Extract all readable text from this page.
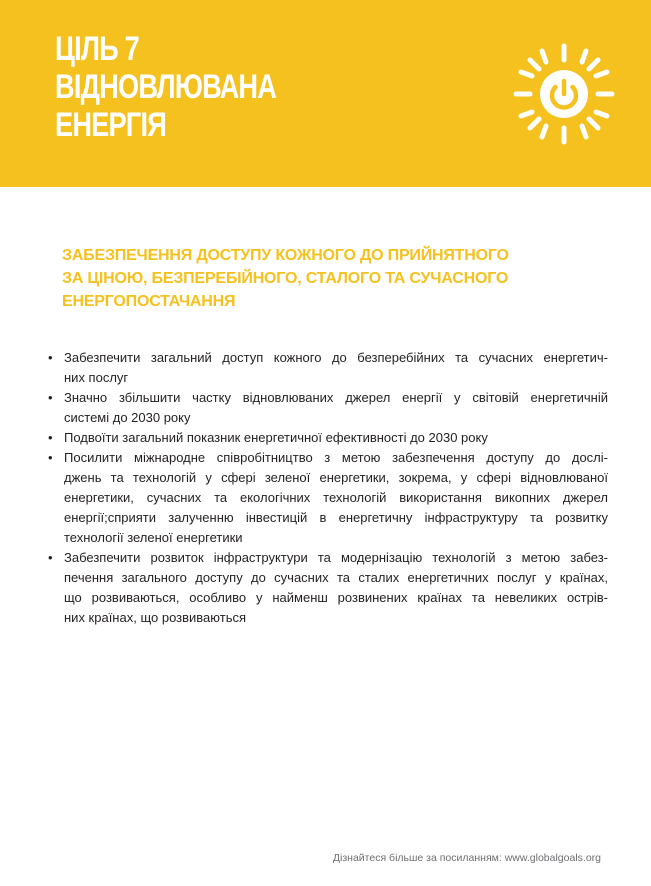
ЦІЛЬ 7
ВІДНОВЛЮВАНА
ЕНЕРГІЯ
ЗАБЕЗПЕЧЕННЯ ДОСТУПУ КОЖНОГО ДО ПРИЙНЯТНОГО
ЗА ЦІНОЮ, БЕЗПЕРЕБІЙНОГО, СТАЛОГО ТА СУЧАСНОГО
ЕНЕРГОПОСТАЧАННЯ
• Забезпечити загальний доступ кожного до безперебійних та сучасних енергетич-
них послуг
• Значно збільшити частку відновлюваних джерел енергії у світовій енергетичній
системі до 2030 року
• Подвоїти загальний показник енергетичної ефективності до 2030 року
• Посилити міжнародне співробітництво з метою забезпечення доступу до дослі-
джень та технологій у сфері зеленої енергетики, зокрема, у сфері відновлюваної
енергетики, сучасних та екологічних технологій використання викопних джерел
енергії;сприяти залученню інвестицій в енергетичну інфраструктуру та розвитку
технології зеленої енергетики
• Забезпечити розвиток інфраструктури та модернізацію технологій з метою забез-
печення загального доступу до сучасних та сталих енергетичних послуг у країнах,
що розвиваються, особливо у найменш розвинених країнах та невеликих острів-
них країнах, що розвиваються
Дізнайтеся більше за посиланням: www.globalgoals.org
